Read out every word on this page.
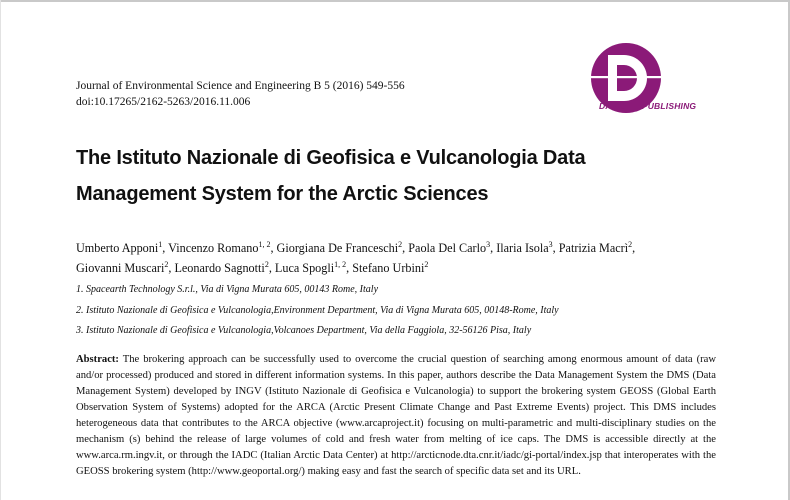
Journal of Environmental Science and Engineering B 5 (2016) 549-556
doi:10.17265/2162-5263/2016.11.006	DAVID PUBLISHING
The Istituto Nazionale di Geofisica e Vulcanologia Data
Management System for the Arctic Sciences
Umberto Apponi$^1$, Vincenzo Romano$^{1, 2}$, Giorgiana De Franceschi$^2$, Paola Del Carlo$^3$, Ilaria Isola$^3$, Patrizia Macrì$^2$,
Giovanni Muscari$^2$, Leonardo Sagnotti$^2$, Luca Spogli$^{1, 2}$, Stefano Urbini$^2$
1. Spacearth Technology S.r.l., Via di Vigna Murata 605, 00143 Rome, Italy
2. Istituto Nazionale di Geofisica e Vulcanologia,Environment Department, Via di Vigna Murata 605, 00148-Rome, Italy
3. Istituto Nazionale di Geofisica e Vulcanologia,Volcanoes Department, Via della Faggiola, 32-56126 Pisa, Italy
Abstract: The brokering approach can be successfully used to overcome the crucial question of searching among enormous amount of data (raw and/or processed) produced and stored in different information systems. In this paper, authors describe the Data Management System the DMS (Data Management System) developed by INGV (Istituto Nazionale di Geofisica e Vulcanologia) to support the brokering system GEOSS (Global Earth Observation System of Systems) adopted for the ARCA (Arctic Present Climate Change and Past Extreme Events) project. This DMS includes heterogeneous data that contributes to the ARCA objective (www.arcaproject.it) focusing on multi-parametric and multi-disciplinary studies on the mechanism (s) behind the release of large volumes of cold and fresh water from melting of ice caps. The DMS is accessible directly at the www.arca.rm.ingv.it, or through the IADC (Italian Arctic Data Center) at http://arcticnode.dta.cnr.it/iadc/gi-portal/index.jsp that interoperates with the GEOSS brokering system (http://www.geoportal.org/) making easy and fast the search of specific data set and its URL.
